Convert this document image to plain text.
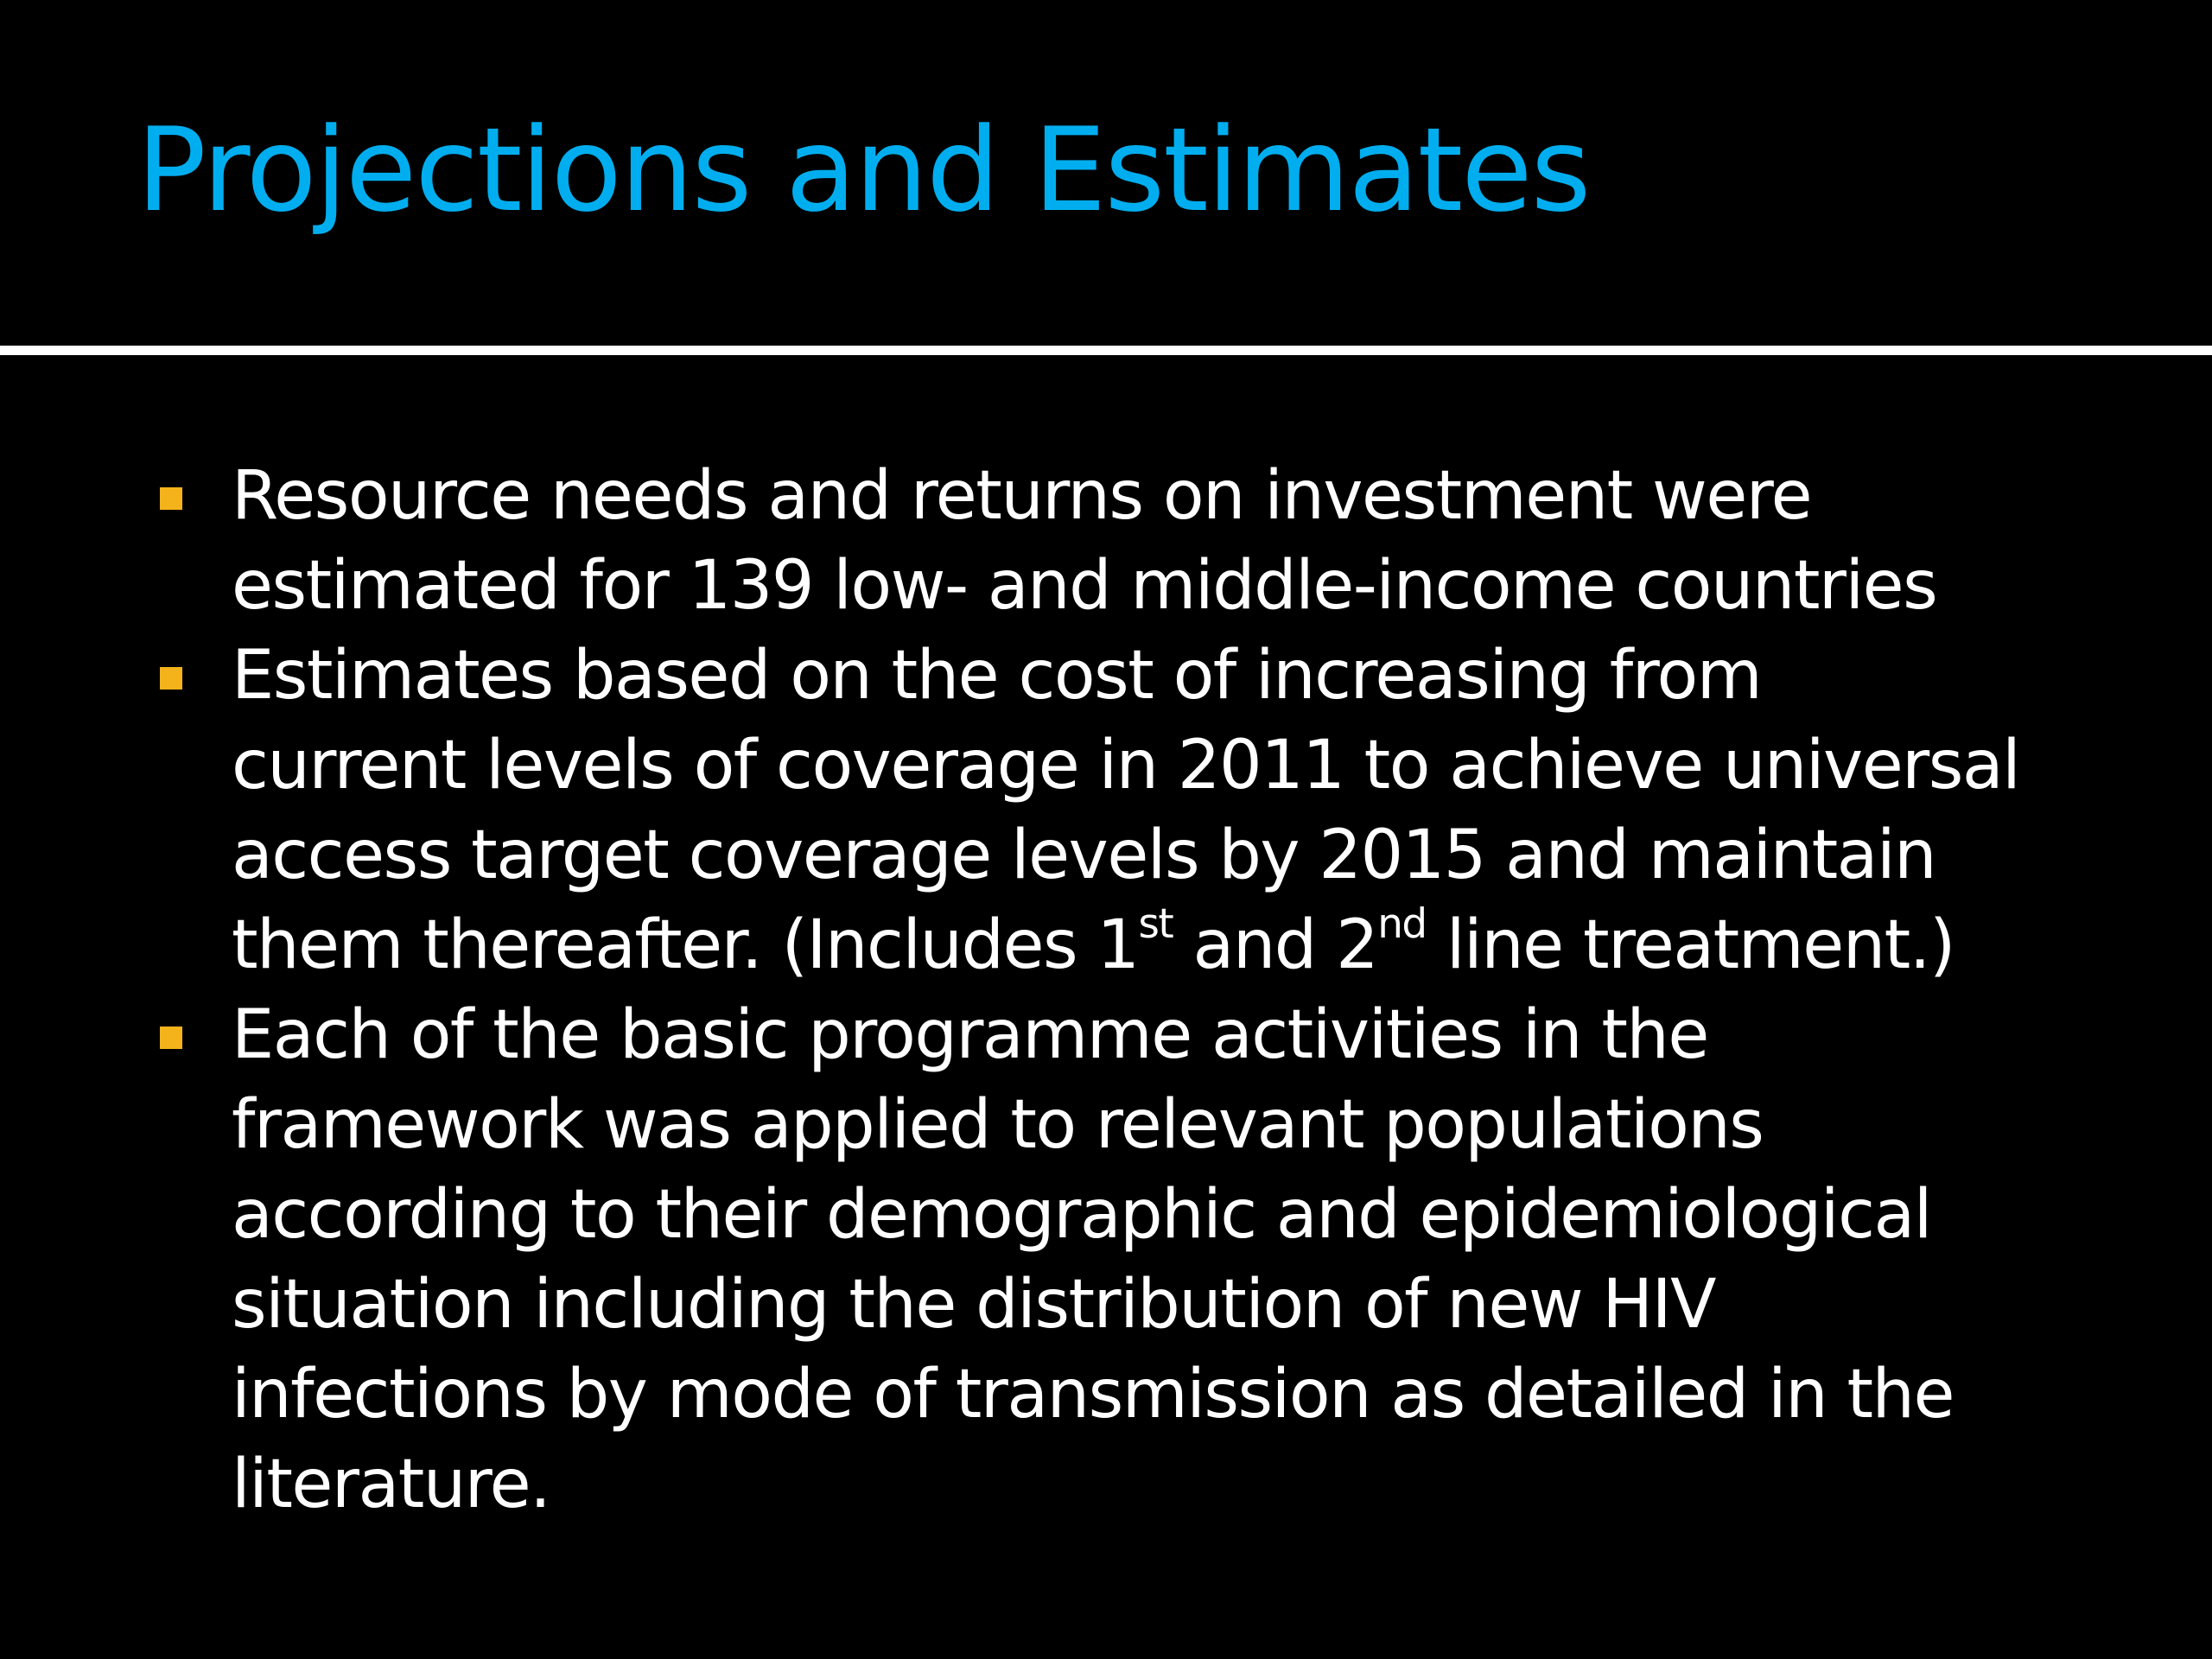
Projections and Estimates
Resource needs and returns on investment were
estimated for 139 low- and middle-income countries
Estimates based on the cost of increasing from
current levels of coverage in 2011 to achieve universal
access target coverage levels by 2015 and maintain
them thereafter. (Includes 1st and 2nd line treatment.)
Each of the basic programme activities in the
framework was applied to relevant populations
according to their demographic and epidemiological
situation including the distribution of new HIV
infections by mode of transmission as detailed in the
literature.
